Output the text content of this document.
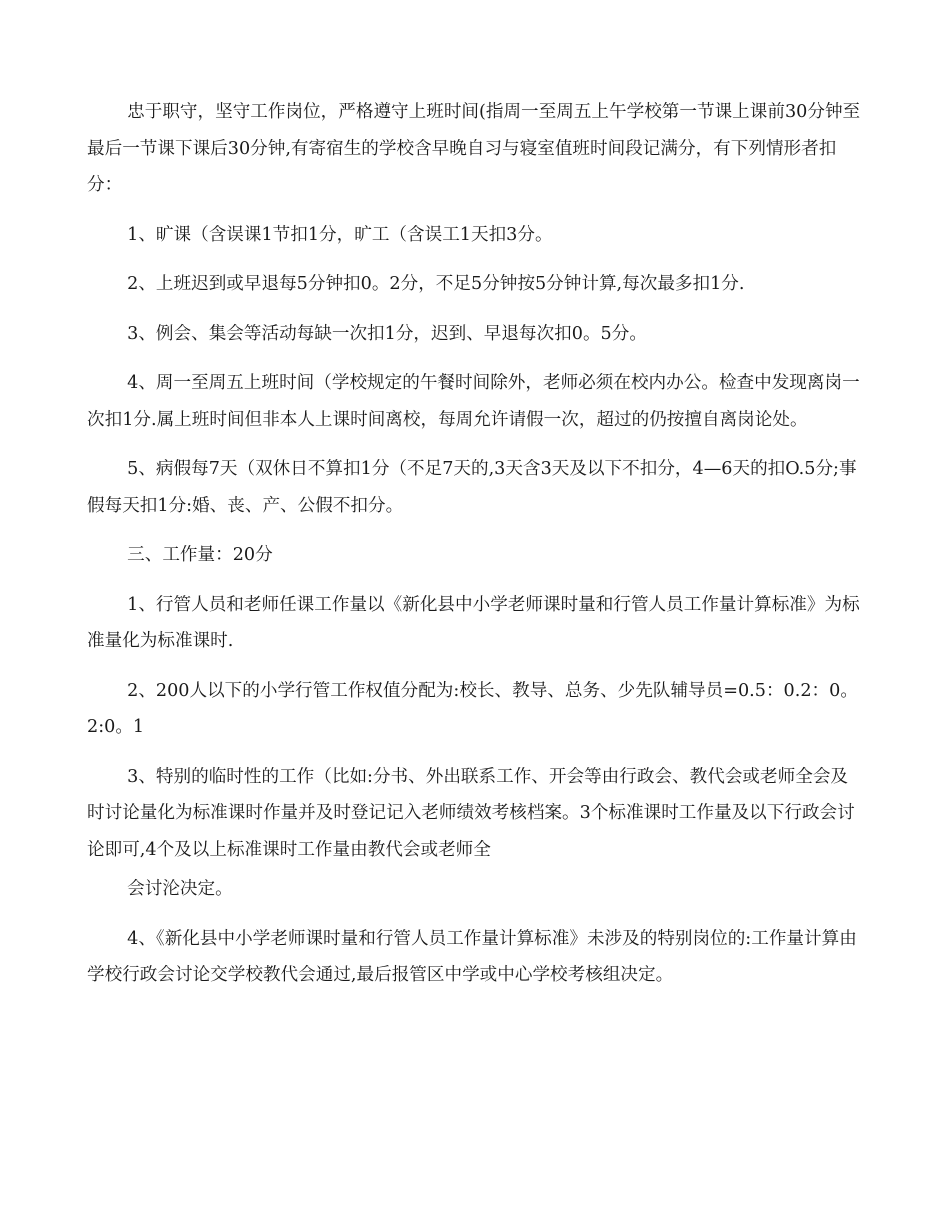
忠于职守，坚守工作岗位，严格遵守上班时间(指周一至周五上午学校第一节课上课前30分钟至最后一节课下课后30分钟,有寄宿生的学校含早晚自习与寝室值班时间段记满分，有下列情形者扣分：

1、旷课（含误课1节扣1分，旷工（含误工1天扣3分。

2、上班迟到或早退每5分钟扣0。2分，不足5分钟按5分钟计算,每次最多扣1分.

3、例会、集会等活动每缺一次扣1分，迟到、早退每次扣0。5分。

4、周一至周五上班时间（学校规定的午餐时间除外，老师必须在校内办公。检查中发现离岗一次扣1分.属上班时间但非本人上课时间离校，每周允许请假一次，超过的仍按擅自离岗论处。

5、病假每7天（双休日不算扣1分（不足7天的,3天含3天及以下不扣分，4—6天的扣O.5分;事假每天扣1分:婚、丧、产、公假不扣分。

三、工作量：20分

1、行管人员和老师任课工作量以《新化县中小学老师课时量和行管人员工作量计算标准》为标准量化为标准课时.

2、200人以下的小学行管工作权值分配为:校长、教导、总务、少先队辅导员=0.5：0.2：0。2:0。1

3、特别的临时性的工作（比如:分书、外出联系工作、开会等由行政会、教代会或老师全会及时讨论量化为标准课时作量并及时登记记入老师绩效考核档案。3个标准课时工作量及以下行政会讨论即可,4个及以上标准课时工作量由教代会或老师全

会讨沦决定。

4、《新化县中小学老师课时量和行管人员工作量计算标准》未涉及的特别岗位的:工作量计算由学校行政会讨论交学校教代会通过,最后报管区中学或中心学校考核组决定。
